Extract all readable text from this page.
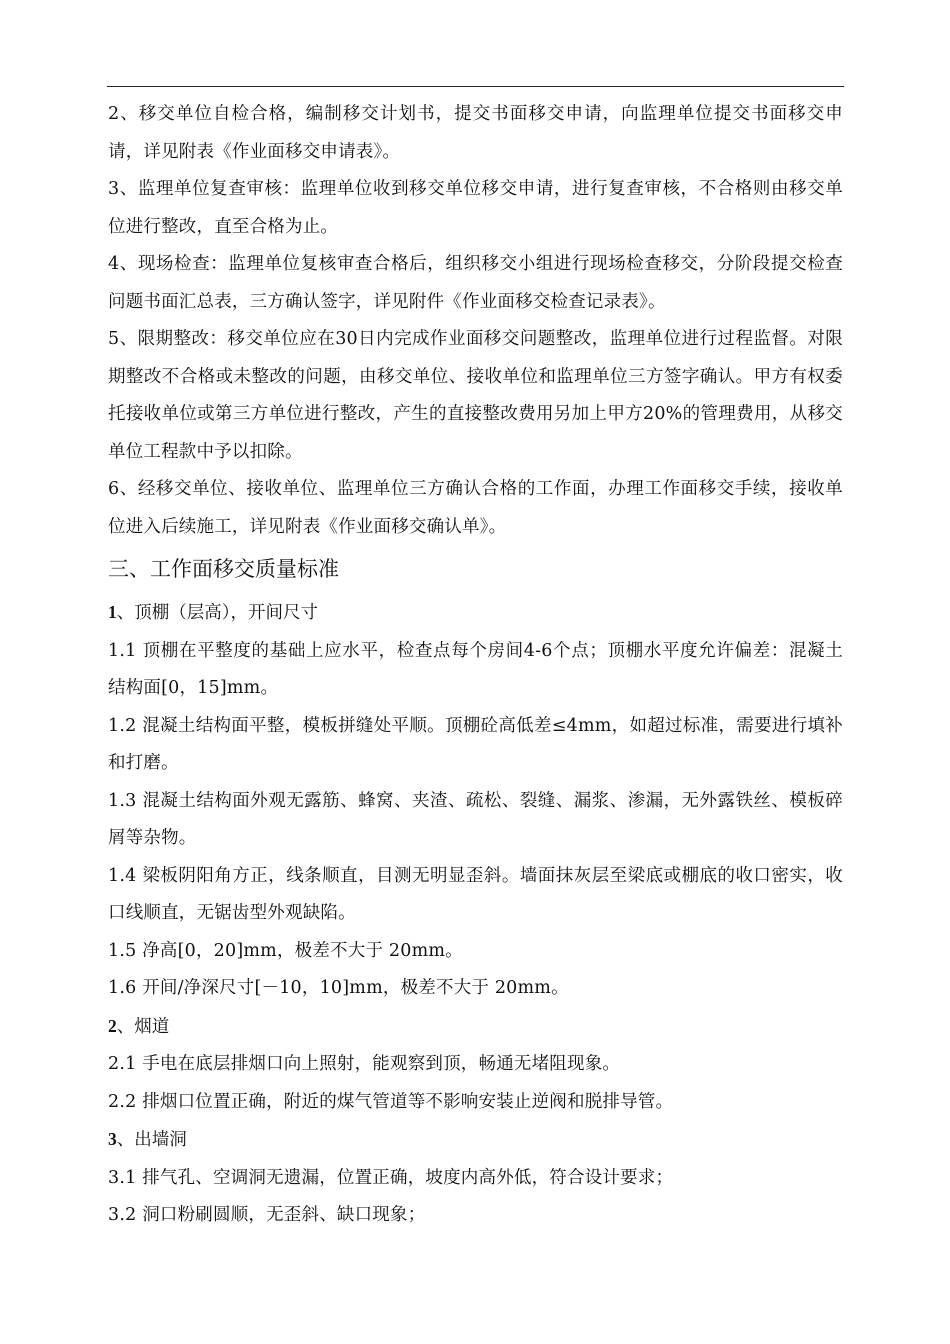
2、移交单位自检合格，编制移交计划书，提交书面移交申请，向监理单位提交书面移交申请，详见附表《作业面移交申请表》。

3、监理单位复查审核：监理单位收到移交单位移交申请，进行复查审核，不合格则由移交单位进行整改，直至合格为止。

4、现场检查：监理单位复核审查合格后，组织移交小组进行现场检查移交，分阶段提交检查问题书面汇总表，三方确认签字，详见附件《作业面移交检查记录表》。

5、限期整改：移交单位应在30日内完成作业面移交问题整改，监理单位进行过程监督。对限期整改不合格或未整改的问题，由移交单位、接收单位和监理单位三方签字确认。甲方有权委托接收单位或第三方单位进行整改，产生的直接整改费用另加上甲方20%的管理费用，从移交单位工程款中予以扣除。

6、经移交单位、接收单位、监理单位三方确认合格的工作面，办理工作面移交手续，接收单位进入后续施工，详见附表《作业面移交确认单》。

三、工作面移交质量标准

1、顶棚（层高），开间尺寸

1.1 顶棚在平整度的基础上应水平，检查点每个房间4-6个点；顶棚水平度允许偏差：混凝土结构面[0，15]mm。

1.2 混凝土结构面平整，模板拼缝处平顺。顶棚砼高低差≤4mm，如超过标准，需要进行填补和打磨。

1.3 混凝土结构面外观无露筋、蜂窝、夹渣、疏松、裂缝、漏浆、渗漏，无外露铁丝、模板碎屑等杂物。

1.4 梁板阴阳角方正，线条顺直，目测无明显歪斜。墙面抹灰层至梁底或棚底的收口密实，收口线顺直，无锯齿型外观缺陷。

1.5 净高[0，20]mm，极差不大于 20mm。

1.6 开间/净深尺寸[－10，10]mm，极差不大于 20mm。

2、烟道

2.1 手电在底层排烟口向上照射，能观察到顶，畅通无堵阻现象。

2.2 排烟口位置正确，附近的煤气管道等不影响安装止逆阀和脱排导管。

3、出墙洞

3.1 排气孔、空调洞无遗漏，位置正确，坡度内高外低，符合设计要求；

3.2 洞口粉刷圆顺，无歪斜、缺口现象；
